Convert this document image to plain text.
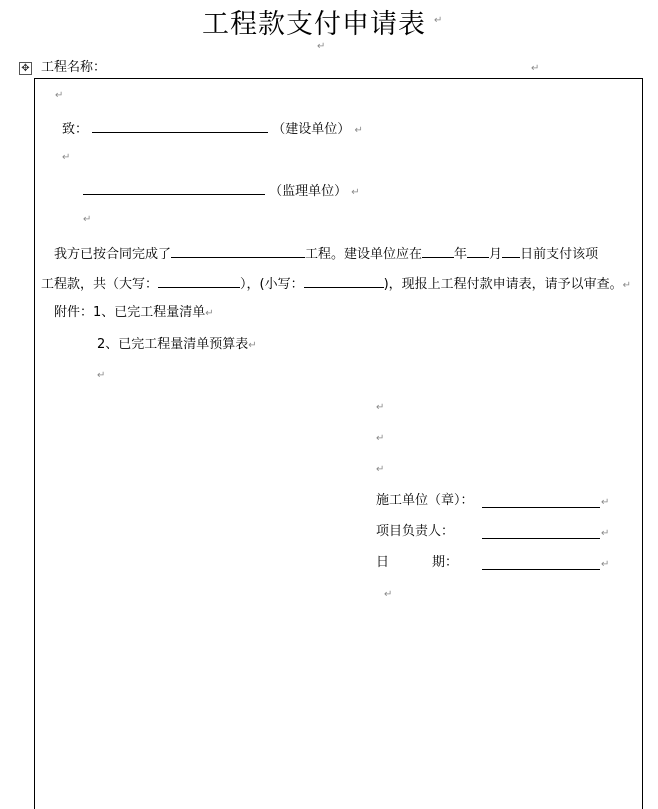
工程款支付申请表 ↵
↵
✥ 工程名称：	↵
↵
致：	（建设单位） ↵
↵
（监理单位） ↵
↵
我方已按合同完成了	工程。建设单位应在 年 月 日前支付该项
工程款，共（大写：	），(小写：	)，现报上工程付款申请表，请予以审查。↵
附件：1、已完工程量清单↵
2、已完工程量清单预算表↵
↵
↵
↵
↵
施工单位（章）：	↵
项目负责人：	↵
日	期：	↵
↵
